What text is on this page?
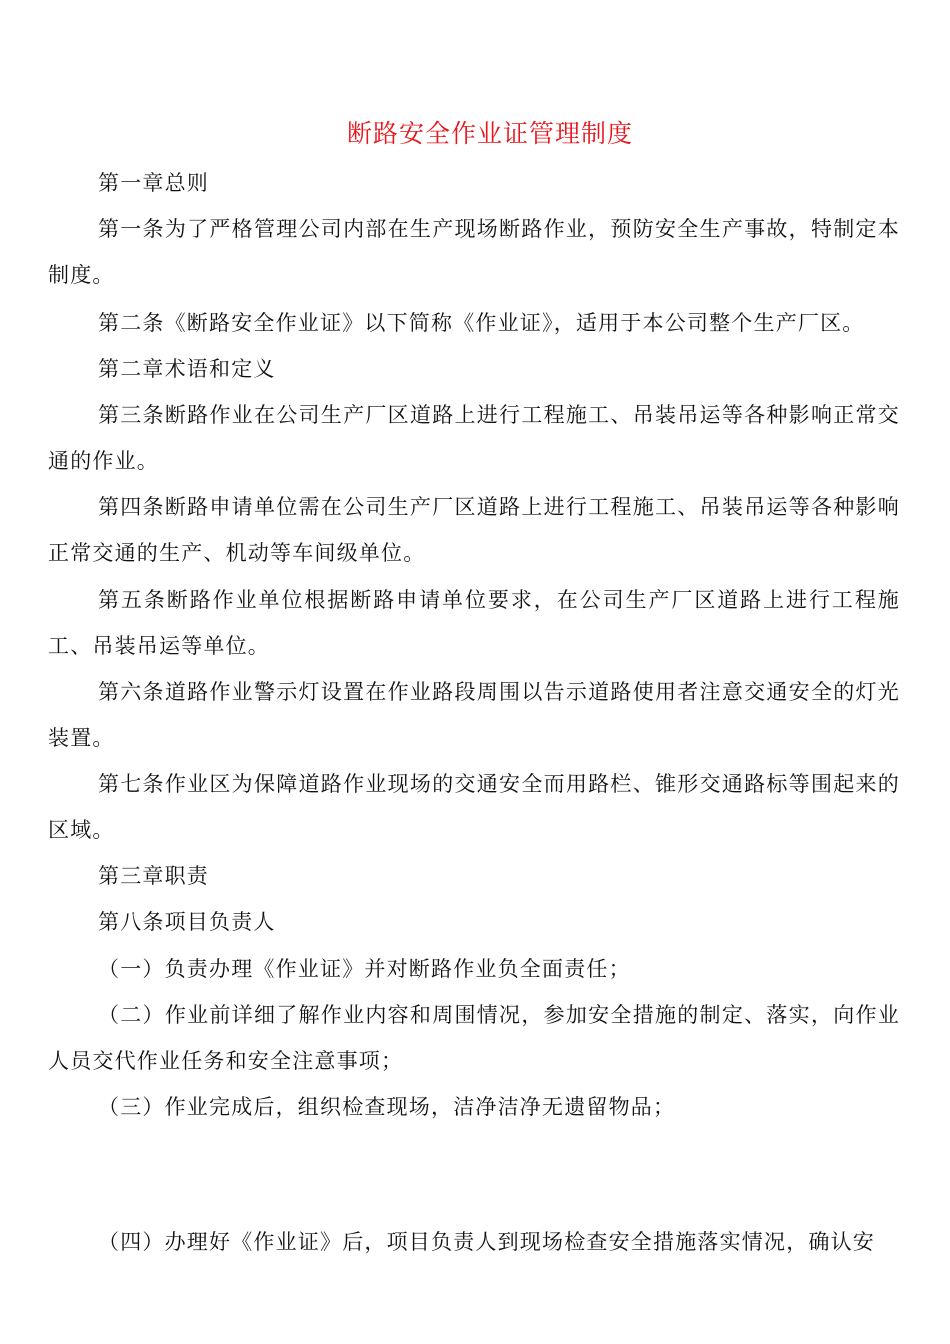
断路安全作业证管理制度
第一章总则
第一条为了严格管理公司内部在生产现场断路作业，预防安全生产事故，特制定本制度。
第二条《断路安全作业证》以下简称《作业证》，适用于本公司整个生产厂区。
第二章术语和定义
第三条断路作业在公司生产厂区道路上进行工程施工、吊装吊运等各种影响正常交通的作业。
第四条断路申请单位需在公司生产厂区道路上进行工程施工、吊装吊运等各种影响正常交通的生产、机动等车间级单位。
第五条断路作业单位根据断路申请单位要求，在公司生产厂区道路上进行工程施工、吊装吊运等单位。
第六条道路作业警示灯设置在作业路段周围以告示道路使用者注意交通安全的灯光装置。
第七条作业区为保障道路作业现场的交通安全而用路栏、锥形交通路标等围起来的区域。
第三章职责
第八条项目负责人
（一）负责办理《作业证》并对断路作业负全面责任；
（二）作业前详细了解作业内容和周围情况，参加安全措施的制定、落实，向作业人员交代作业任务和安全注意事项；
（三）作业完成后，组织检查现场，洁净洁净无遗留物品；
（四）办理好《作业证》后，项目负责人到现场检查安全措施落实情况，确认安
